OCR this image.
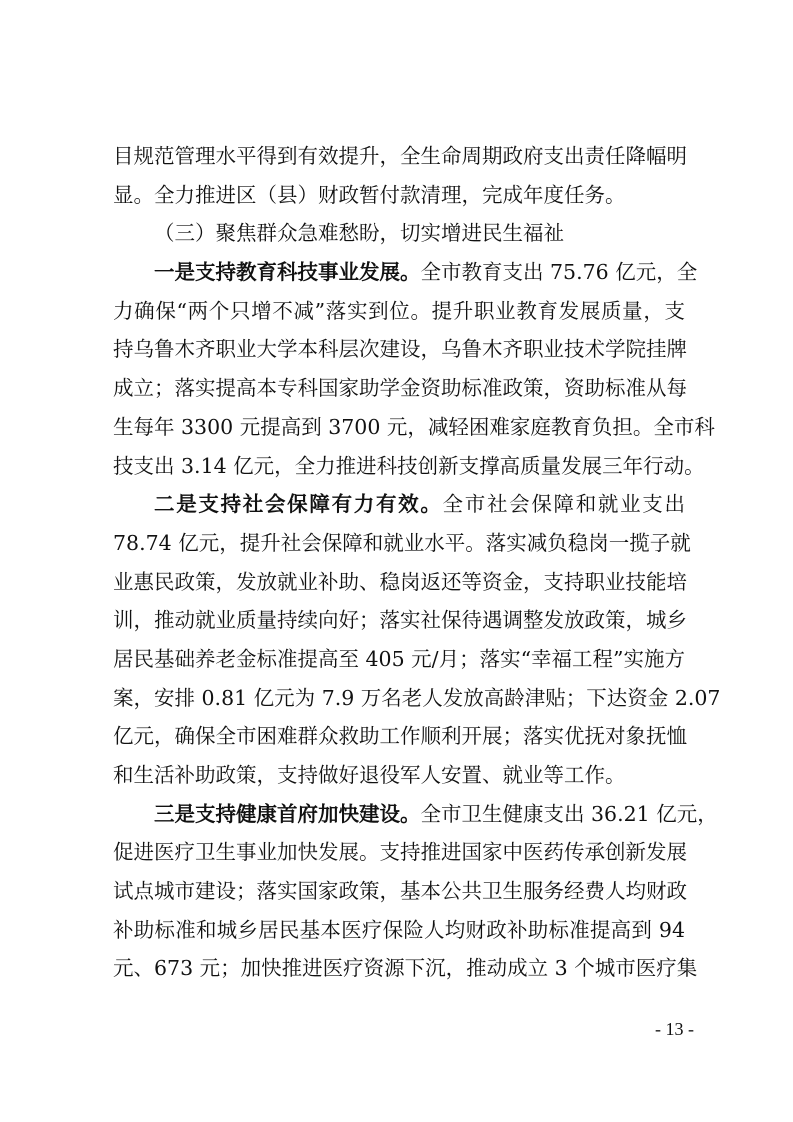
目规范管理水平得到有效提升，全生命周期政府支出责任降幅明
显。全力推进区（县）财政暂付款清理，完成年度任务。
（三）聚焦群众急难愁盼，切实增进民生福祉
一是支持教育科技事业发展。全市教育支出 75.76 亿元，全
力确保“两个只增不减”落实到位。提升职业教育发展质量，支
持乌鲁木齐职业大学本科层次建设，乌鲁木齐职业技术学院挂牌
成立；落实提高本专科国家助学金资助标准政策，资助标准从每
生每年 3300 元提高到 3700 元，减轻困难家庭教育负担。全市科
技支出 3.14 亿元，全力推进科技创新支撑高质量发展三年行动。
二是支持社会保障有力有效。全市社会保障和就业支出
78.74 亿元，提升社会保障和就业水平。落实减负稳岗一揽子就
业惠民政策，发放就业补助、稳岗返还等资金，支持职业技能培
训，推动就业质量持续向好；落实社保待遇调整发放政策，城乡
居民基础养老金标准提高至 405 元/月；落实“幸福工程”实施方
案，安排 0.81 亿元为 7.9 万名老人发放高龄津贴；下达资金 2.07
亿元，确保全市困难群众救助工作顺利开展；落实优抚对象抚恤
和生活补助政策，支持做好退役军人安置、就业等工作。
三是支持健康首府加快建设。全市卫生健康支出 36.21 亿元，
促进医疗卫生事业加快发展。支持推进国家中医药传承创新发展
试点城市建设；落实国家政策，基本公共卫生服务经费人均财政
补助标准和城乡居民基本医疗保险人均财政补助标准提高到 94
元、673 元；加快推进医疗资源下沉，推动成立 3 个城市医疗集
- 13 -
